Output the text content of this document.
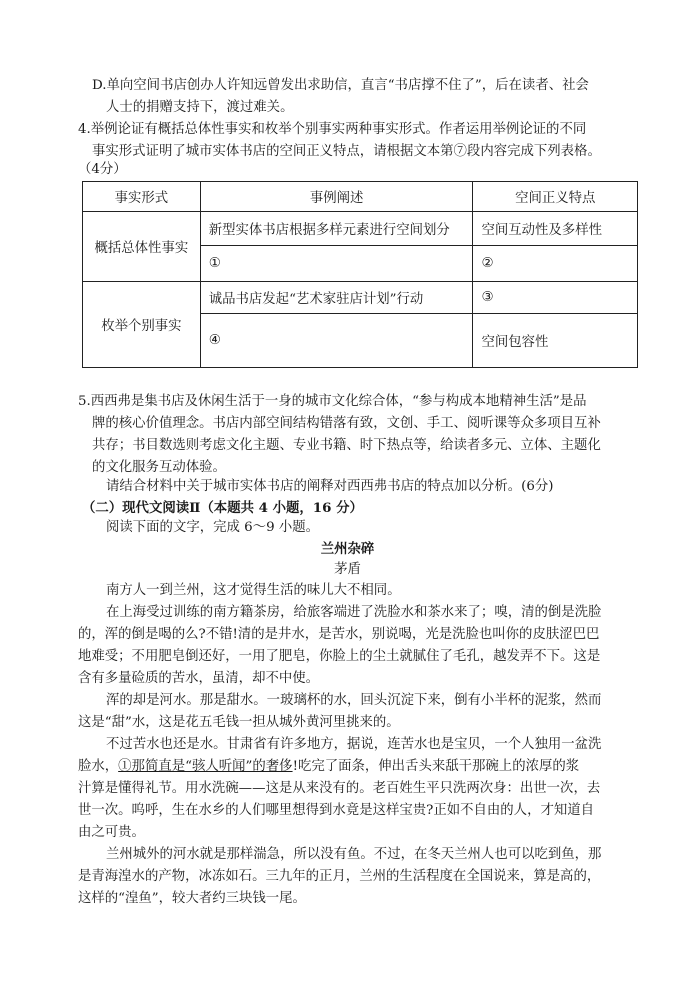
D.单向空间书店创办人许知远曾发出求助信，直言“书店撑不住了”，后在读者、社会
人士的捐赠支持下，渡过难关。
4.举例论证有概括总体性事实和枚举个别事实两种事实形式。作者运用举例论证的不同
事实形式证明了城市实体书店的空间正义特点，请根据文本第⑦段内容完成下列表格。
（4分）
事实形式	事例阐述	空间正义特点
概括总体性事实	新型实体书店根据多样元素进行空间划分	空间互动性及多样性
	①	②
枚举个别事实	诚品书店发起“艺术家驻店计划”行动	③
	④	空间包容性
5.西西弗是集书店及休闲生活于一身的城市文化综合体，“参与构成本地精神生活”是品
牌的核心价值理念。书店内部空间结构错落有致，文创、手工、阅听课等众多项目互补
共存；书目数选则考虑文化主题、专业书籍、时下热点等，给读者多元、立体、主题化
的文化服务互动体验。
请结合材料中关于城市实体书店的阐释对西西弗书店的特点加以分析。(6分)
（二）现代文阅读Ⅱ（本题共 4 小题，16 分）
阅读下面的文字，完成 6～9 小题。
兰州杂碎
茅盾
南方人一到兰州，这才觉得生活的味儿大不相同。
在上海受过训练的南方籍茶房，给旅客端进了洗脸水和茶水来了；嗅，清的倒是洗脸
的，浑的倒是喝的么?不错!清的是井水，是苦水，别说喝，光是洗脸也叫你的皮肤涩巴巴
地难受；不用肥皂倒还好，一用了肥皂，你脸上的尘土就腻住了毛孔，越发弄不下。这是
含有多量硷质的苦水，虽清，却不中使。
浑的却是河水。那是甜水。一玻璃杯的水，回头沉淀下来，倒有小半杯的泥浆，然而
这是“甜”水，这是花五毛钱一担从城外黄河里挑来的。
不过苦水也还是水。甘肃省有许多地方，据说，连苦水也是宝贝，一个人独用一盆洗
脸水，①那简直是“骇人听闻”的奢侈!吃完了面条，伸出舌头来舐干那碗上的浓厚的浆
汁算是懂得礼节。用水洗碗——这是从来没有的。老百姓生平只洗两次身：出世一次，去
世一次。呜呼，生在水乡的人们哪里想得到水竟是这样宝贵?正如不自由的人，才知道自
由之可贵。
兰州城外的河水就是那样湍急，所以没有鱼。不过，在冬天兰州人也可以吃到鱼，那
是青海湟水的产物，冰冻如石。三九年的正月，兰州的生活程度在全国说来，算是高的，
这样的“湟鱼”，较大者约三块钱一尾。
